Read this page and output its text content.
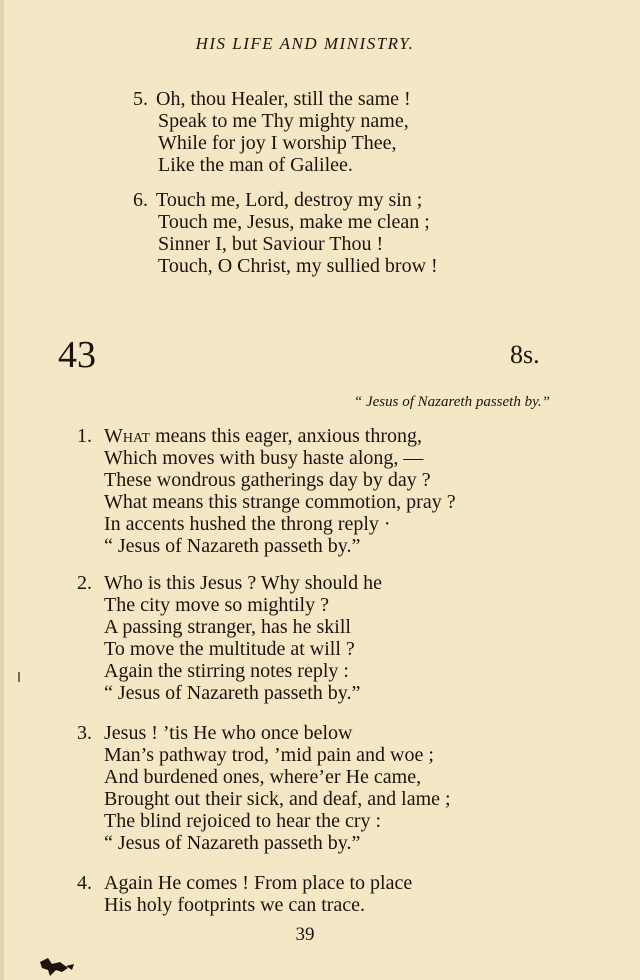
HIS LIFE AND MINISTRY.
5. Oh, thou Healer, still the same !
Speak to me Thy mighty name,
While for joy I worship Thee,
Like the man of Galilee.
6. Touch me, Lord, destroy my sin ;
Touch me, Jesus, make me clean ;
Sinner I, but Saviour Thou !
Touch, O Christ, my sullied brow !
43	8s.
“ Jesus of Nazareth passeth by.”
1. What means this eager, anxious throng,
Which moves with busy haste along, —
These wondrous gatherings day by day ?
What means this strange commotion, pray ?
In accents hushed the throng reply ·
“ Jesus of Nazareth passeth by.”
2. Who is this Jesus ? Why should he
The city move so mightily ?
A passing stranger, has he skill
To move the multitude at will ?
Again the stirring notes reply :
“ Jesus of Nazareth passeth by.”
3. Jesus ! ’tis He who once below
Man’s pathway trod, ’mid pain and woe ;
And burdened ones, where’er He came,
Brought out their sick, and deaf, and lame ;
The blind rejoiced to hear the cry :
“ Jesus of Nazareth passeth by.”
4. Again He comes ! From place to place
His holy footprints we can trace.
39
